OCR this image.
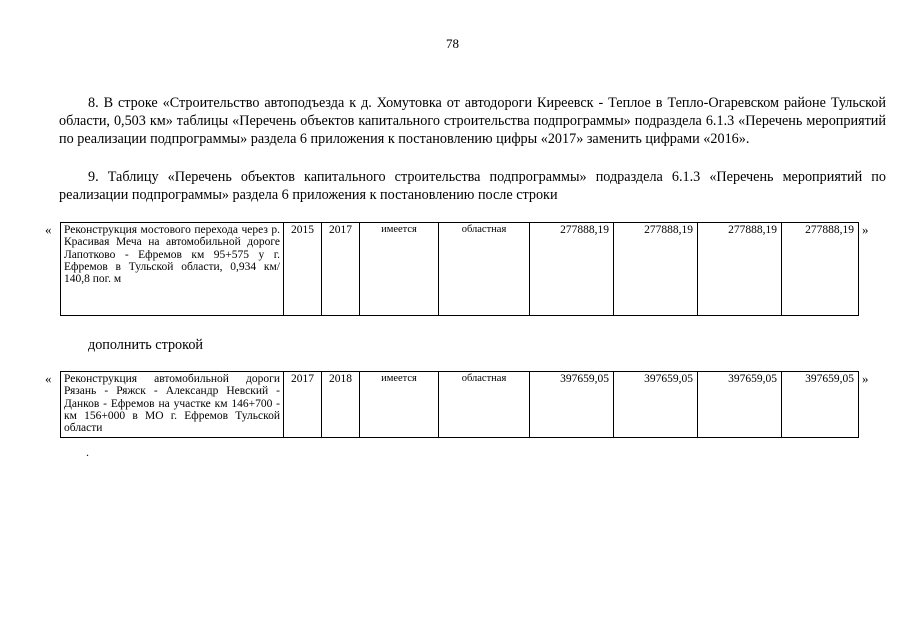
78
8. В строке «Строительство автоподъезда к д. Хомутовка от автодороги Киреевск - Теплое в Тепло-Огаревском районе Тульской области, 0,503 км» таблицы «Перечень объектов капитального строительства подпрограммы» подраздела 6.1.3 «Перечень мероприятий по реализации подпрограммы» раздела 6 приложения к постановлению цифры «2017» заменить цифрами «2016».
9. Таблицу «Перечень объектов капитального строительства подпрограммы» подраздела 6.1.3 «Перечень мероприятий по реализации подпрограммы» раздела 6 приложения к постановлению после строки
« Реконструкция мостового перехода через р. Красивая Меча на автомобильной дороге Лапотково - Ефремов км 95+575 у г. Ефремов в Тульской области, 0,934 км/ 140,8 пог. м	2015	2017	имеется	областная	277888,19	277888,19	277888,19	277888,19 »
дополнить строкой
« Реконструкция автомобильной дороги Рязань - Ряжск - Александр Невский - Данков - Ефремов на участке км 146+700 - км 156+000 в МО г. Ефремов Тульской области	2017	2018	имеется	областная	397659,05	397659,05	397659,05	397659,05 »
.
